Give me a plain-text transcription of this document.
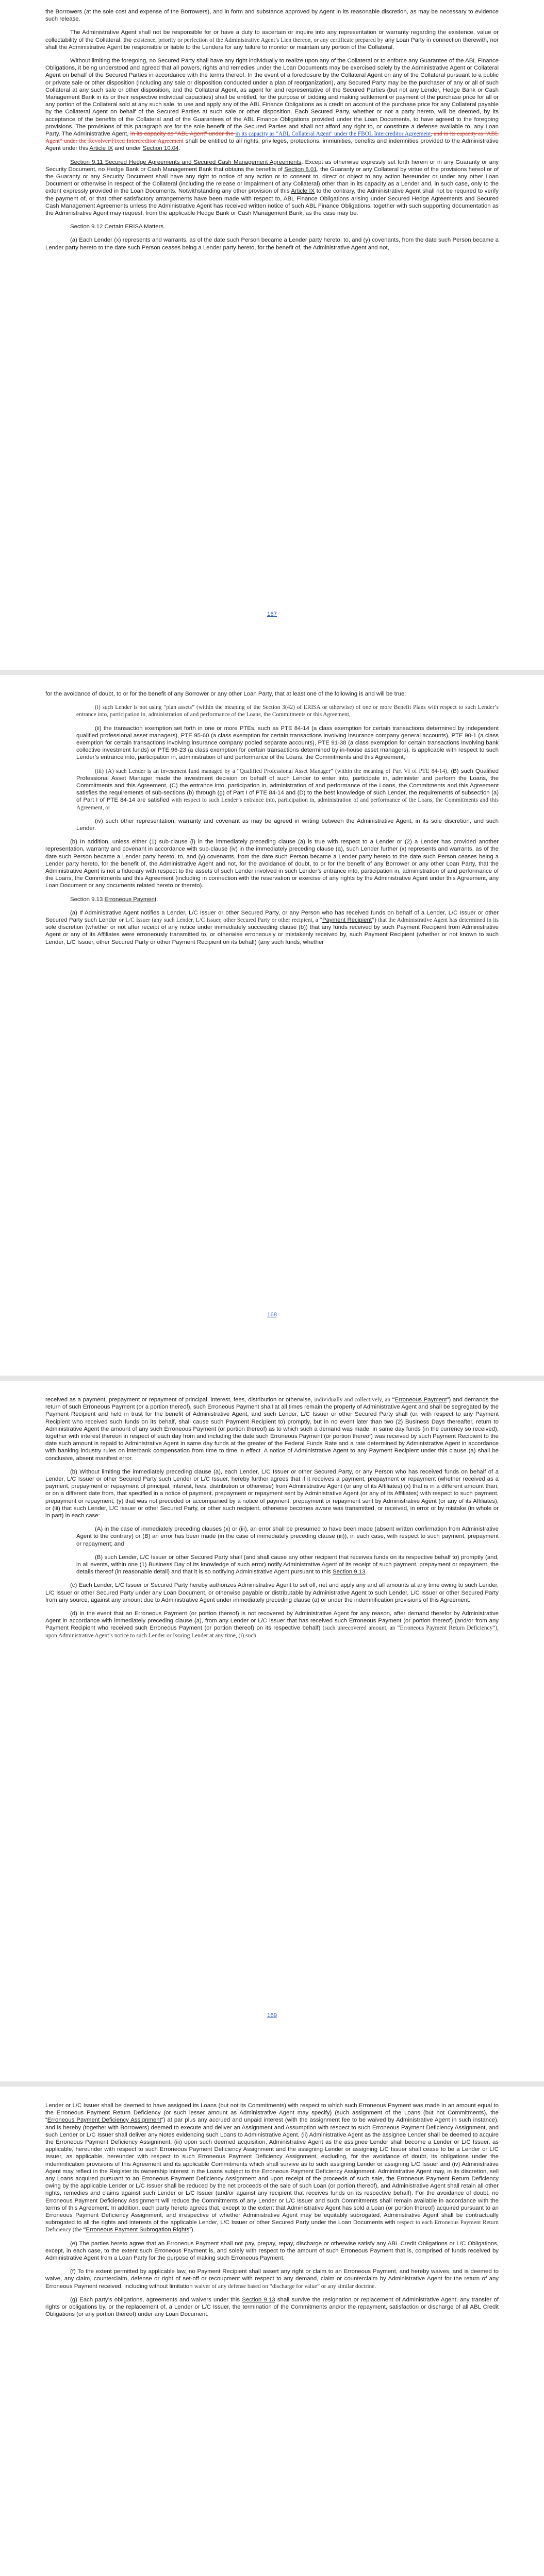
the Borrowers (at the sole cost and expense of the Borrowers), and in form and substance approved by Agent in its reasonable discretion, as may be necessary to evidence such release.

The Administrative Agent shall not be responsible for or have a duty to ascertain or inquire into any representation or warranty regarding the existence, value or collectability of the Collateral, the existence, priority or perfection of the Administrative Agent’s Lien thereon, or any certificate prepared by any Loan Party in connection therewith, nor shall the Administrative Agent be responsible or liable to the Lenders for any failure to monitor or maintain any portion of the Collateral.

Without limiting the foregoing, no Secured Party shall have any right individually to realize upon any of the Collateral or to enforce any Guarantee of the ABL Finance Obligations, it being understood and agreed that all powers, rights and remedies under the Loan Documents may be exercised solely by the Administrative Agent or Collateral Agent on behalf of the Secured Parties in accordance with the terms thereof. In the event of a foreclosure by the Collateral Agent on any of the Collateral pursuant to a public or private sale or other disposition (including any sale or disposition conducted under a plan of reorganization), any Secured Party may be the purchaser of any or all of such Collateral at any such sale or other disposition, and the Collateral Agent, as agent for and representative of the Secured Parties (but not any Lender, Hedge Bank or Cash Management Bank in its or their respective individual capacities) shall be entitled, for the purpose of bidding and making settlement or payment of the purchase price for all or any portion of the Collateral sold at any such sale, to use and apply any of the ABL Finance Obligations as a credit on account of the purchase price for any Collateral payable by the Collateral Agent on behalf of the Secured Parties at such sale or other disposition. Each Secured Party, whether or not a party hereto, will be deemed, by its acceptance of the benefits of the Collateral and of the Guarantees of the ABL Finance Obligations provided under the Loan Documents, to have agreed to the foregoing provisions. The provisions of this paragraph are for the sole benefit of the Secured Parties and shall not afford any right to, or constitute a defense available to, any Loan Party. The Administrative Agent, in its capacity as "ABL Agent" under the in its capacity as "ABL Collateral Agent" under the FBOL Intercreditor Agreement, and in its capacity as "ABL Agent" under the Revolver/Fixed Intercreditor Agreement shall be entitled to all rights, privileges, protections, immunities, benefits and indemnities provided to the Administrative Agent under this Article IX and under Section 10.04.

Section 9.11 Secured Hedge Agreements and Secured Cash Management Agreements. Except as otherwise expressly set forth herein or in any Guaranty or any Security Document, no Hedge Bank or Cash Management Bank that obtains the benefits of Section 8.01, the Guaranty or any Collateral by virtue of the provisions hereof or of the Guaranty or any Security Document shall have any right to notice of any action or to consent to, direct or object to any action hereunder or under any other Loan Document or otherwise in respect of the Collateral (including the release or impairment of any Collateral) other than in its capacity as a Lender and, in such case, only to the extent expressly provided in the Loan Documents. Notwithstanding any other provision of this Article IX to the contrary, the Administrative Agent shall not be required to verify the payment of, or that other satisfactory arrangements have been made with respect to, ABL Finance Obligations arising under Secured Hedge Agreements and Secured Cash Management Agreements unless the Administrative Agent has received written notice of such ABL Finance Obligations, together with such supporting documentation as the Administrative Agent may request, from the applicable Hedge Bank or Cash Management Bank, as the case may be.

Section 9.12 Certain ERISA Matters.

(a) Each Lender (x) represents and warrants, as of the date such Person became a Lender party hereto, to, and (y) covenants, from the date such Person became a Lender party hereto to the date such Person ceases being a Lender party hereto, for the benefit of, the Administrative Agent and not,

167

for the avoidance of doubt, to or for the benefit of any Borrower or any other Loan Party, that at least one of the following is and will be true:

(i) such Lender is not using “plan assets” (within the meaning of the Section 3(42) of ERISA or otherwise) of one or more Benefit Plans with respect to such Lender’s entrance into, participation in, administration of and performance of the Loans, the Commitments or this Agreement,

(ii) the transaction exemption set forth in one or more PTEs, such as PTE 84-14 (a class exemption for certain transactions determined by independent qualified professional asset managers), PTE 95-60 (a class exemption for certain transactions involving insurance company general accounts), PTE 90-1 (a class exemption for certain transactions involving insurance company pooled separate accounts), PTE 91-38 (a class exemption for certain transactions involving bank collective investment funds) or PTE 96-23 (a class exemption for certain transactions determined by in-house asset managers), is applicable with respect to such Lender’s entrance into, participation in, administration of and performance of the Loans, the Commitments and this Agreement,

(iii) (A) such Lender is an investment fund managed by a “Qualified Professional Asset Manager” (within the meaning of Part VI of PTE 84-14), (B) such Qualified Professional Asset Manager made the investment decision on behalf of such Lender to enter into, participate in, administer and perform the Loans, the Commitments and this Agreement, (C) the entrance into, participation in, administration of and performance of the Loans, the Commitments and this Agreement satisfies the requirements of sub-sections (b) through (g) of Part I of PTE 84-14 and (D) to the best knowledge of such Lender, the requirements of subsection (a) of Part I of PTE 84-14 are satisfied with respect to such Lender’s entrance into, participation in, administration of and performance of the Loans, the Commitments and this Agreement, or

(iv) such other representation, warranty and covenant as may be agreed in writing between the Administrative Agent, in its sole discretion, and such Lender.

(b) In addition, unless either (1) sub-clause (i) in the immediately preceding clause (a) is true with respect to a Lender or (2) a Lender has provided another representation, warranty and covenant in accordance with sub-clause (iv) in the immediately preceding clause (a), such Lender further (x) represents and warrants, as of the date such Person became a Lender party hereto, to, and (y) covenants, from the date such Person became a Lender party hereto to the date such Person ceases being a Lender party hereto, for the benefit of, the Administrative Agent and not, for the avoidance of doubt, to or for the benefit of any Borrower or any other Loan Party, that the Administrative Agent is not a fiduciary with respect to the assets of such Lender involved in such Lender’s entrance into, participation in, administration of and performance of the Loans, the Commitments and this Agreement (including in connection with the reservation or exercise of any rights by the Administrative Agent under this Agreement, any Loan Document or any documents related hereto or thereto).

Section 9.13 Erroneous Payment.

(a) If Administrative Agent notifies a Lender, L/C Issuer or other Secured Party, or any Person who has received funds on behalf of a Lender, L/C Issuer or other Secured Party such Lender or L/C Issuer (any such Lender, L/C Issuer, other Secured Party or other recipient, a “Payment Recipient”) that the Administrative Agent has determined in its sole discretion (whether or not after receipt of any notice under immediately succeeding clause (b)) that any funds received by such Payment Recipient from Administrative Agent or any of its Affiliates were erroneously transmitted to, or otherwise erroneously or mistakenly received by, such Payment Recipient (whether or not known to such Lender, L/C Issuer, other Secured Party or other Payment Recipient on its behalf) (any such funds, whether

168

received as a payment, prepayment or repayment of principal, interest, fees, distribution or otherwise, individually and collectively, an “Erroneous Payment”) and demands the return of such Erroneous Payment (or a portion thereof), such Erroneous Payment shall at all times remain the property of Administrative Agent and shall be segregated by the Payment Recipient and held in trust for the benefit of Administrative Agent, and such Lender, L/C Issuer or other Secured Party shall (or, with respect to any Payment Recipient who received such funds on its behalf, shall cause such Payment Recipient to) promptly, but in no event later than two (2) Business Days thereafter, return to Administrative Agent the amount of any such Erroneous Payment (or portion thereof) as to which such a demand was made, in same day funds (in the currency so received), together with interest thereon in respect of each day from and including the date such Erroneous Payment (or portion thereof) was received by such Payment Recipient to the date such amount is repaid to Administrative Agent in same day funds at the greater of the Federal Funds Rate and a rate determined by Administrative Agent in accordance with banking industry rules on interbank compensation from time to time in effect. A notice of Administrative Agent to any Payment Recipient under this clause (a) shall be conclusive, absent manifest error.

(b) Without limiting the immediately preceding clause (a), each Lender, L/C Issuer or other Secured Party, or any Person who has received funds on behalf of a Lender, L/C Issuer or other Secured Party such Lender or L/C Issuer, hereby further agrees that if it receives a payment, prepayment or repayment (whether received as a payment, prepayment or repayment of principal, interest, fees, distribution or otherwise) from Administrative Agent (or any of its Affiliates) (x) that is in a different amount than, or on a different date from, that specified in a notice of payment, prepayment or repayment sent by Administrative Agent (or any of its Affiliates) with respect to such payment, prepayment or repayment, (y) that was not preceded or accompanied by a notice of payment, prepayment or repayment sent by Administrative Agent (or any of its Affiliates), or (iii) that such Lender, L/C Issuer or other Secured Party, or other such recipient, otherwise becomes aware was transmitted, or received, in error or by mistake (in whole or in part) in each case:

(A) in the case of immediately preceding clauses (x) or (iii), an error shall be presumed to have been made (absent written confirmation from Administrative Agent to the contrary) or (B) an error has been made (in the case of immediately preceding clause (iii)), in each case, with respect to such payment, prepayment or repayment; and

(B) such Lender, L/C Issuer or other Secured Party shall (and shall cause any other recipient that receives funds on its respective behalf to) promptly (and, in all events, within one (1) Business Day of its knowledge of such error) notify Administrative Agent of its receipt of such payment, prepayment or repayment, the details thereof (in reasonable detail) and that it is so notifying Administrative Agent pursuant to this Section 9.13.

(c) Each Lender, L/C Issuer or Secured Party hereby authorizes Administrative Agent to set off, net and apply any and all amounts at any time owing to such Lender, L/C Issuer or other Secured Party under any Loan Document, or otherwise payable or distributable by Administrative Agent to such Lender, L/C Issuer or other Secured Party from any source, against any amount due to Administrative Agent under immediately preceding clause (a) or under the indemnification provisions of this Agreement.

(d) In the event that an Erroneous Payment (or portion thereof) is not recovered by Administrative Agent for any reason, after demand therefor by Administrative Agent in accordance with immediately preceding clause (a), from any Lender or L/C Issuer that has received such Erroneous Payment (or portion thereof) (and/or from any Payment Recipient who received such Erroneous Payment (or portion thereof) on its respective behalf) (such unrecovered amount, an “Erroneous Payment Return Deficiency”), upon Administrative Agent’s notice to such Lender or Issuing Lender at any time, (i) such

169

Lender or L/C Issuer shall be deemed to have assigned its Loans (but not its Commitments) with respect to which such Erroneous Payment was made in an amount equal to the Erroneous Payment Return Deficiency (or such lesser amount as Administrative Agent may specify) (such assignment of the Loans (but not Commitments), the “Erroneous Payment Deficiency Assignment”) at par plus any accrued and unpaid interest (with the assignment fee to be waived by Administrative Agent in such instance), and is hereby (together with Borrowers) deemed to execute and deliver an Assignment and Assumption with respect to such Erroneous Payment Deficiency Assignment, and such Lender or L/C Issuer shall deliver any Notes evidencing such Loans to Administrative Agent, (ii) Administrative Agent as the assignee Lender shall be deemed to acquire the Erroneous Payment Deficiency Assignment, (iii) upon such deemed acquisition, Administrative Agent as the assignee Lender shall become a Lender or L/C Issuer, as applicable, hereunder with respect to such Erroneous Payment Deficiency Assignment and the assigning Lender or assigning L/C Issuer shall cease to be a Lender or L/C Issuer, as applicable, hereunder with respect to such Erroneous Payment Deficiency Assignment, excluding, for the avoidance of doubt, its obligations under the indemnification provisions of this Agreement and its applicable Commitments which shall survive as to such assigning Lender or assigning L/C Issuer and (iv) Administrative Agent may reflect in the Register its ownership interest in the Loans subject to the Erroneous Payment Deficiency Assignment. Administrative Agent may, in its discretion, sell any Loans acquired pursuant to an Erroneous Payment Deficiency Assignment and upon receipt of the proceeds of such sale, the Erroneous Payment Return Deficiency owing by the applicable Lender or L/C Issuer shall be reduced by the net proceeds of the sale of such Loan (or portion thereof), and Administrative Agent shall retain all other rights, remedies and claims against such Lender or L/C Issuer (and/or against any recipient that receives funds on its respective behalf). For the avoidance of doubt, no Erroneous Payment Deficiency Assignment will reduce the Commitments of any Lender or L/C Issuer and such Commitments shall remain available in accordance with the terms of this Agreement. In addition, each party hereto agrees that, except to the extent that Administrative Agent has sold a Loan (or portion thereof) acquired pursuant to an Erroneous Payment Deficiency Assignment, and irrespective of whether Administrative Agent may be equitably subrogated, Administrative Agent shall be contractually subrogated to all the rights and interests of the applicable Lender, L/C Issuer or other Secured Party under the Loan Documents with respect to each Erroneous Payment Return Deficiency (the “Erroneous Payment Subrogation Rights”).

(e) The parties hereto agree that an Erroneous Payment shall not pay, prepay, repay, discharge or otherwise satisfy any ABL Credit Obligations or L/C Obligations, except, in each case, to the extent such Erroneous Payment is, and solely with respect to the amount of such Erroneous Payment that is, comprised of funds received by Administrative Agent from a Loan Party for the purpose of making such Erroneous Payment.

(f) To the extent permitted by applicable law, no Payment Recipient shall assert any right or claim to an Erroneous Payment, and hereby waives, and is deemed to waive, any claim, counterclaim, defense or right of set-off or recoupment with respect to any demand, claim or counterclaim by Administrative Agent for the return of any Erroneous Payment received, including without limitation waiver of any defense based on “discharge for value” or any similar doctrine.

(g) Each party’s obligations, agreements and waivers under this Section 9.13 shall survive the resignation or replacement of Administrative Agent, any transfer of rights or obligations by, or the replacement of, a Lender or L/C Issuer, the termination of the Commitments and/or the repayment, satisfaction or discharge of all ABL Credit Obligations (or any portion thereof) under any Loan Document.
